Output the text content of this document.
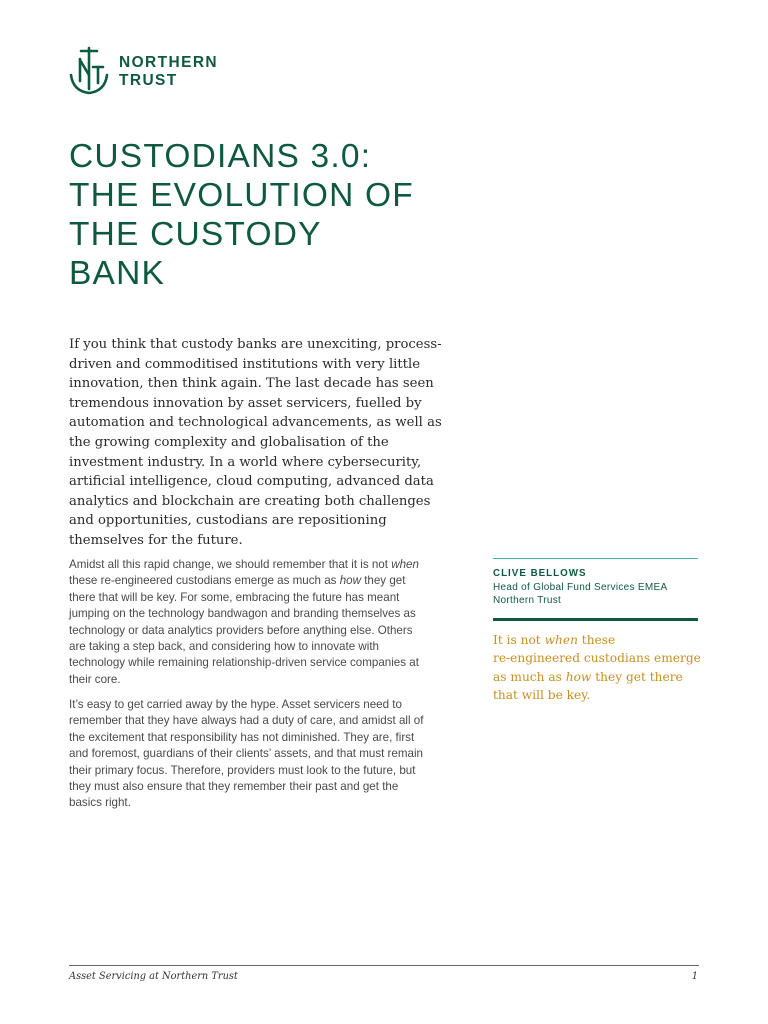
NORTHERN
TRUST
CUSTODIANS 3.0:
THE EVOLUTION OF
THE CUSTODY
BANK

If you think that custody banks are unexciting, process-
driven and commoditised institutions with very little
innovation, then think again. The last decade has seen
tremendous innovation by asset servicers, fuelled by
automation and technological advancements, as well as
the growing complexity and globalisation of the
investment industry. In a world where cybersecurity,
artificial intelligence, cloud computing, advanced data
analytics and blockchain are creating both challenges
and opportunities, custodians are repositioning
themselves for the future.

Amidst all this rapid change, we should remember that it is not when
these re-engineered custodians emerge as much as how they get
there that will be key. For some, embracing the future has meant
jumping on the technology bandwagon and branding themselves as
technology or data analytics providers before anything else. Others
are taking a step back, and considering how to innovate with
technology while remaining relationship-driven service companies at
their core.

It’s easy to get carried away by the hype. Asset servicers need to
remember that they have always had a duty of care, and amidst all of
the excitement that responsibility has not diminished. They are, first
and foremost, guardians of their clients’ assets, and that must remain
their primary focus. Therefore, providers must look to the future, but
they must also ensure that they remember their past and get the
basics right.

CLIVE BELLOWS
Head of Global Fund Services EMEA
Northern Trust

It is not when these
re-engineered custodians emerge
as much as how they get there
that will be key.

Asset Servicing at Northern Trust	1
